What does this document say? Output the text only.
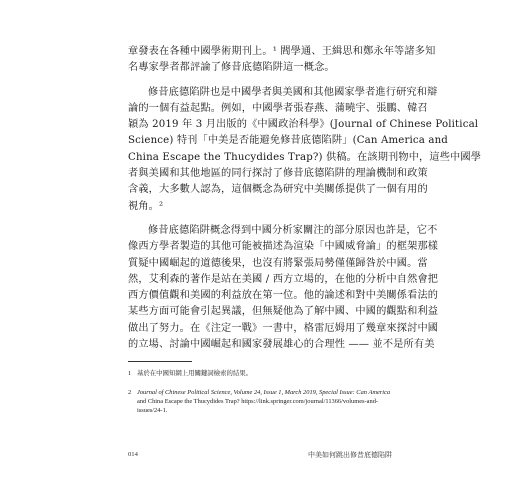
章發表在各種中國學術期刊上。¹ 閻學通、王緝思和鄭永年等諸多知
名專家學者都評論了修昔底德陷阱這一概念。
修昔底德陷阱也是中國學者與美國和其他國家學者進行研究和辯
論的一個有益起點。例如，中國學者張春燕、蒲曉宇、張鵬、韓召
穎為 2019 年 3 月出版的《中國政治科學》(Journal of Chinese Political
Science) 特刊「中美是否能避免修昔底德陷阱」(Can America and
China Escape the Thucydides Trap?) 供稿。在該期刊物中，這些中國學
者與美國和其他地區的同行探討了修昔底德陷阱的理論機制和政策
含義，大多數人認為，這個概念為研究中美關係提供了一個有用的
視角。²
修昔底德陷阱概念得到中國分析家關注的部分原因也許是，它不
像西方學者製造的其他可能被描述為渲染「中國威脅論」的框架那樣
質疑中國崛起的道德後果，也沒有將緊張局勢僅僅歸咎於中國。當
然，艾利森的著作是站在美國 / 西方立場的，在他的分析中自然會把
西方價值觀和美國的利益放在第一位。他的論述和對中美關係看法的
某些方面可能會引起異議，但無疑他為了解中國、中國的觀點和利益
做出了努力。在《注定一戰》一書中，格雷厄姆用了幾章來探討中國
的立場、討論中國崛起和國家發展雄心的合理性 —— 並不是所有美
1 基於在中國知網上用關鍵詞檢索的結果。
2 Journal of Chinese Political Science, Volume 24, Issue 1, March 2019, Special Issue: Can America
and China Escape the Thucydides Trap? https://link.springer.com/journal/11366/volumes-and-
issues/24-1.
014	中美如何跳出修昔底德陷阱
